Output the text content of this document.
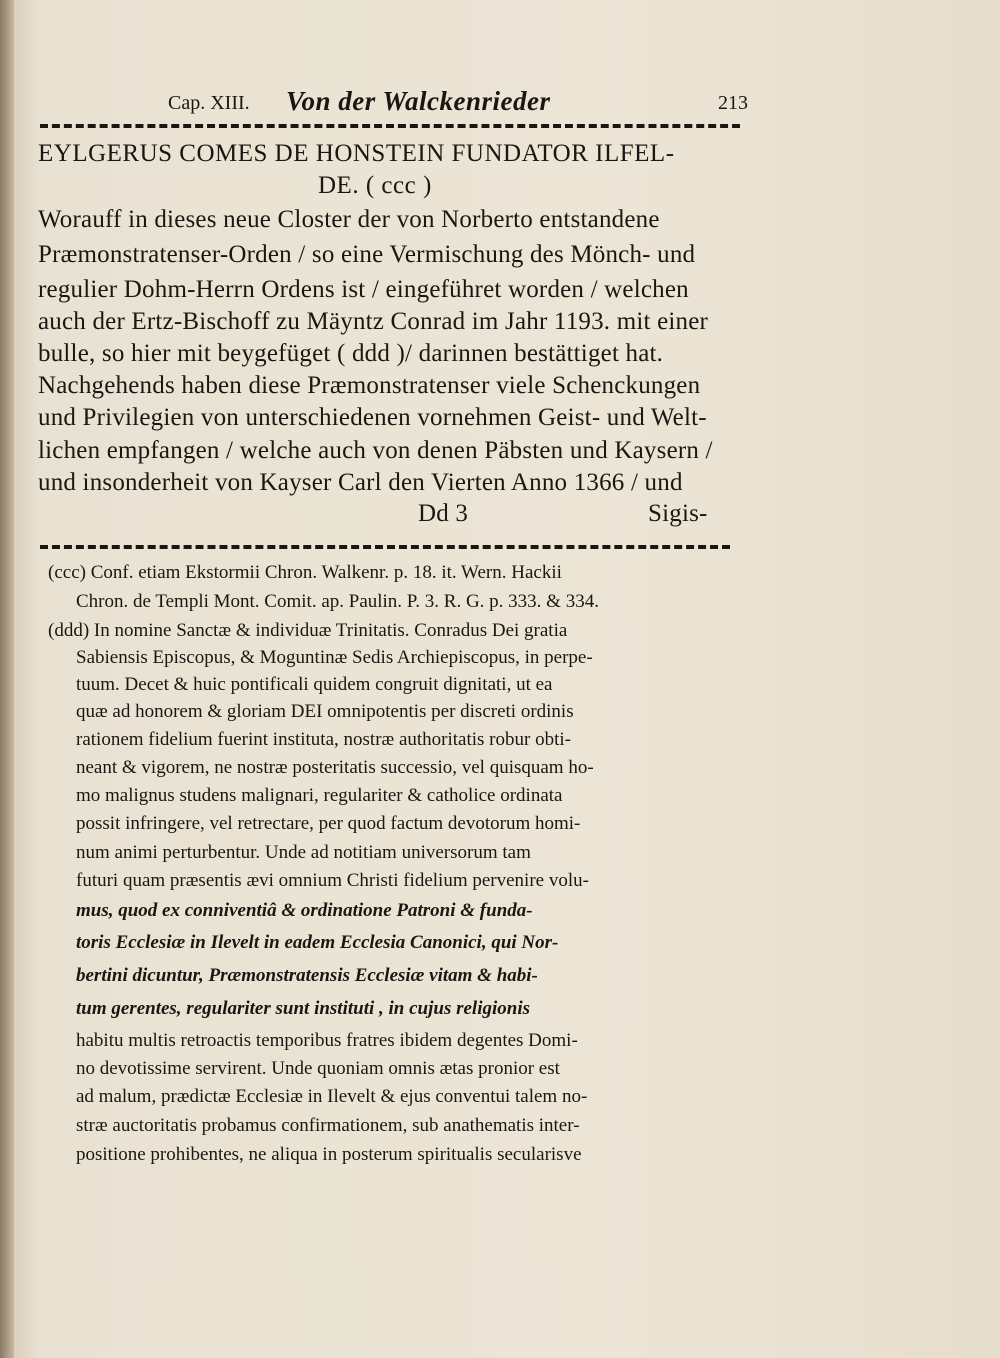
Cap. XIII. Von der Walckenrieder	213
EYLGERUS COMES DE HONSTEIN FUNDATOR ILFEL-
DE. ( ccc )
Worauff in dieses neue Closter der von Norberto entstandene
Præmonstratenser-Orden / so eine Vermischung des Mönch- und
regulier Dohm-Herrn Ordens ist / eingeführet worden / welchen
auch der Ertz-Bischoff zu Mäyntz Conrad im Jahr 1193. mit einer
bulle, so hier mit beygefüget ( ddd )/ darinnen bestättiget hat.
Nachgehends haben diese Præmonstratenser viele Schenckungen
und Privilegien von unterschiedenen vornehmen Geist- und Welt-
lichen empfangen / welche auch von denen Päbsten und Kaysern /
und insonderheit von Kayser Carl den Vierten Anno 1366 / und
Dd 3	Sigis-
(ccc) Conf. etiam Ekstormii Chron. Walkenr. p. 18. it. Wern. Hackii
Chron. de Templi Mont. Comit. ap. Paulin. P. 3. R. G. p. 333. & 334.
(ddd) In nomine Sanctæ & individuæ Trinitatis. Conradus Dei gratia
Sabiensis Episcopus, & Moguntinæ Sedis Archiepiscopus, in perpe-
tuum. Decet & huic pontificali quidem congruit dignitati, ut ea
quæ ad honorem & gloriam DEI omnipotentis per discreti ordinis
rationem fidelium fuerint instituta, nostræ authoritatis robur obti-
neant & vigorem, ne nostræ posteritatis successio, vel quisquam ho-
mo malignus studens malignari, regulariter & catholice ordinata
possit infringere, vel retrectare, per quod factum devotorum homi-
num animi perturbentur. Unde ad notitiam universorum tam
futuri quam præsentis ævi omnium Christi fidelium pervenire volu-
mus, quod ex conniventiâ & ordinatione Patroni & funda-
toris Ecclesiæ in Ilevelt in eadem Ecclesia Canonici, qui Nor-
bertini dicuntur, Præmonstratensis Ecclesiæ vitam & habi-
tum gerentes, regulariter sunt instituti , in cujus religionis
habitu multis retroactis temporibus fratres ibidem degentes Domi-
no devotissime servirent. Unde quoniam omnis ætas pronior est
ad malum, prædictæ Ecclesiæ in Ilevelt & ejus conventui talem no-
stræ auctoritatis probamus confirmationem, sub anathematis inter-
positione prohibentes, ne aliqua in posterum spiritualis secularisve
